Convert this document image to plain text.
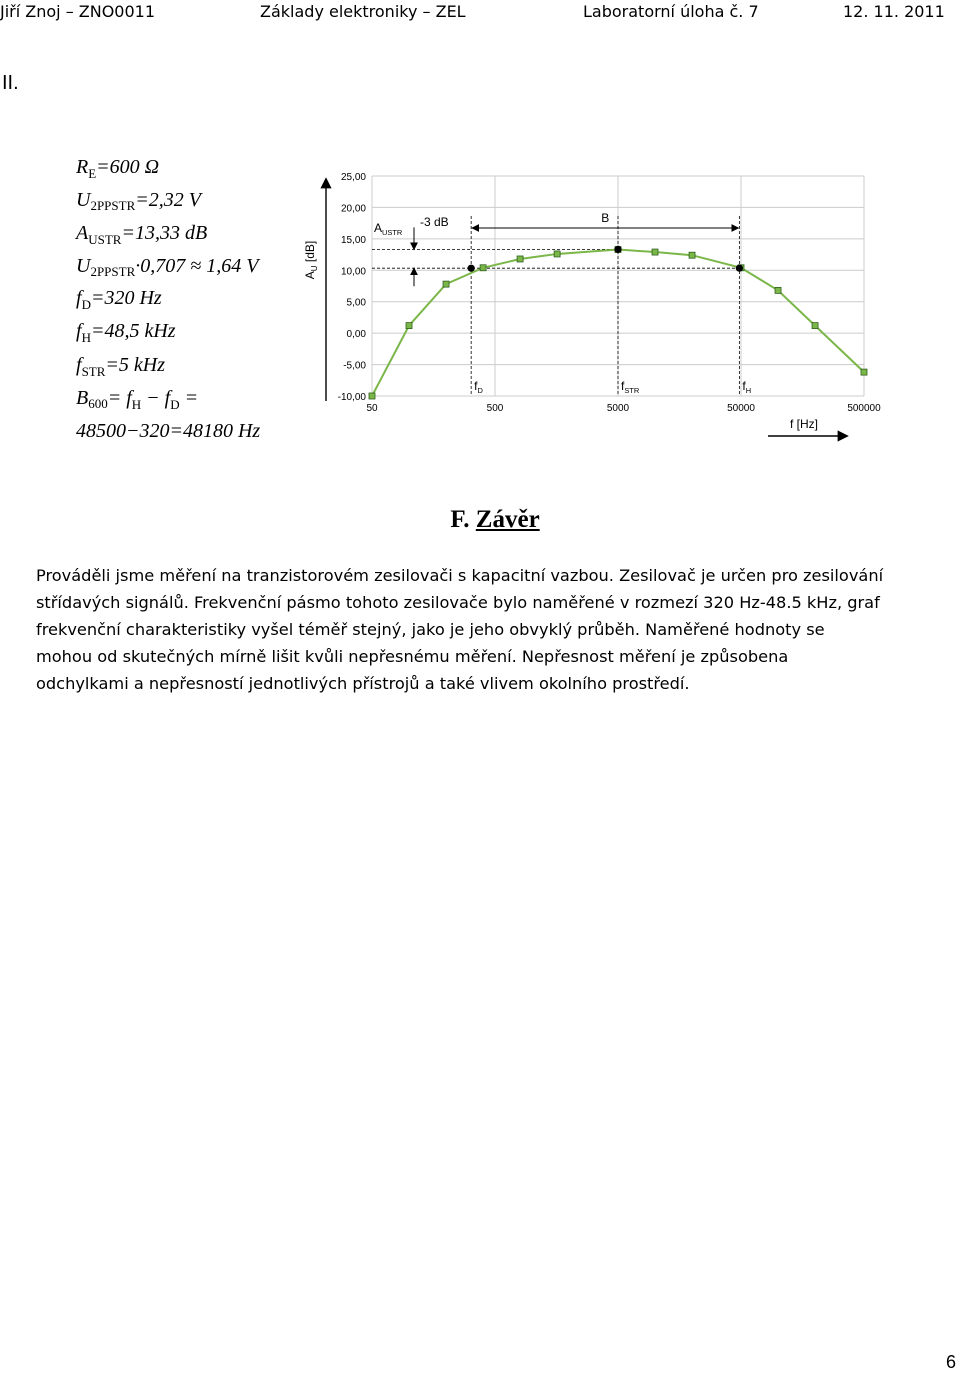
Jiří Znoj – ZNO0011	Základy elektroniky – ZEL	Laboratorní úloha č. 7	12. 11. 2011
II.
$R_E=600$ Ω
$U_{2PPSTR}=2,32$ V
$A_{USTR}=13,33$ dB
$U_{2PPSTR}\cdot 0,707 \approx 1,64$ V
$f_D=320$ Hz
$f_H=48,5$ kHz
$f_{STR}=5$ kHz
$B_{600}= f_H - f_D$ =
48500−320=48180 Hz
25,00
20,00
15,00
10,00
5,00
0,00
-5,00
-10,00
50	500	5000	50000	500000
$A_U$ [dB]
f [Hz]
$A_{USTR}$
-3 dB	B
$f_D$	$f_{STR}$	$f_H$
F. Závěr

Prováděli jsme měření na tranzistorovém zesilovači s kapacitní vazbou. Zesilovač je určen pro zesilování

střídavých signálů. Frekvenční pásmo tohoto zesilovače bylo naměřené v rozmezí 320 Hz-48.5 kHz, graf

frekvenční charakteristiky vyšel téměř stejný, jako je jeho obvyklý průběh. Naměřené hodnoty se

mohou od skutečných mírně lišit kvůli nepřesnému měření. Nepřesnost měření je způsobena

odchylkami a nepřesností jednotlivých přístrojů a také vlivem okolního prostředí.

6
